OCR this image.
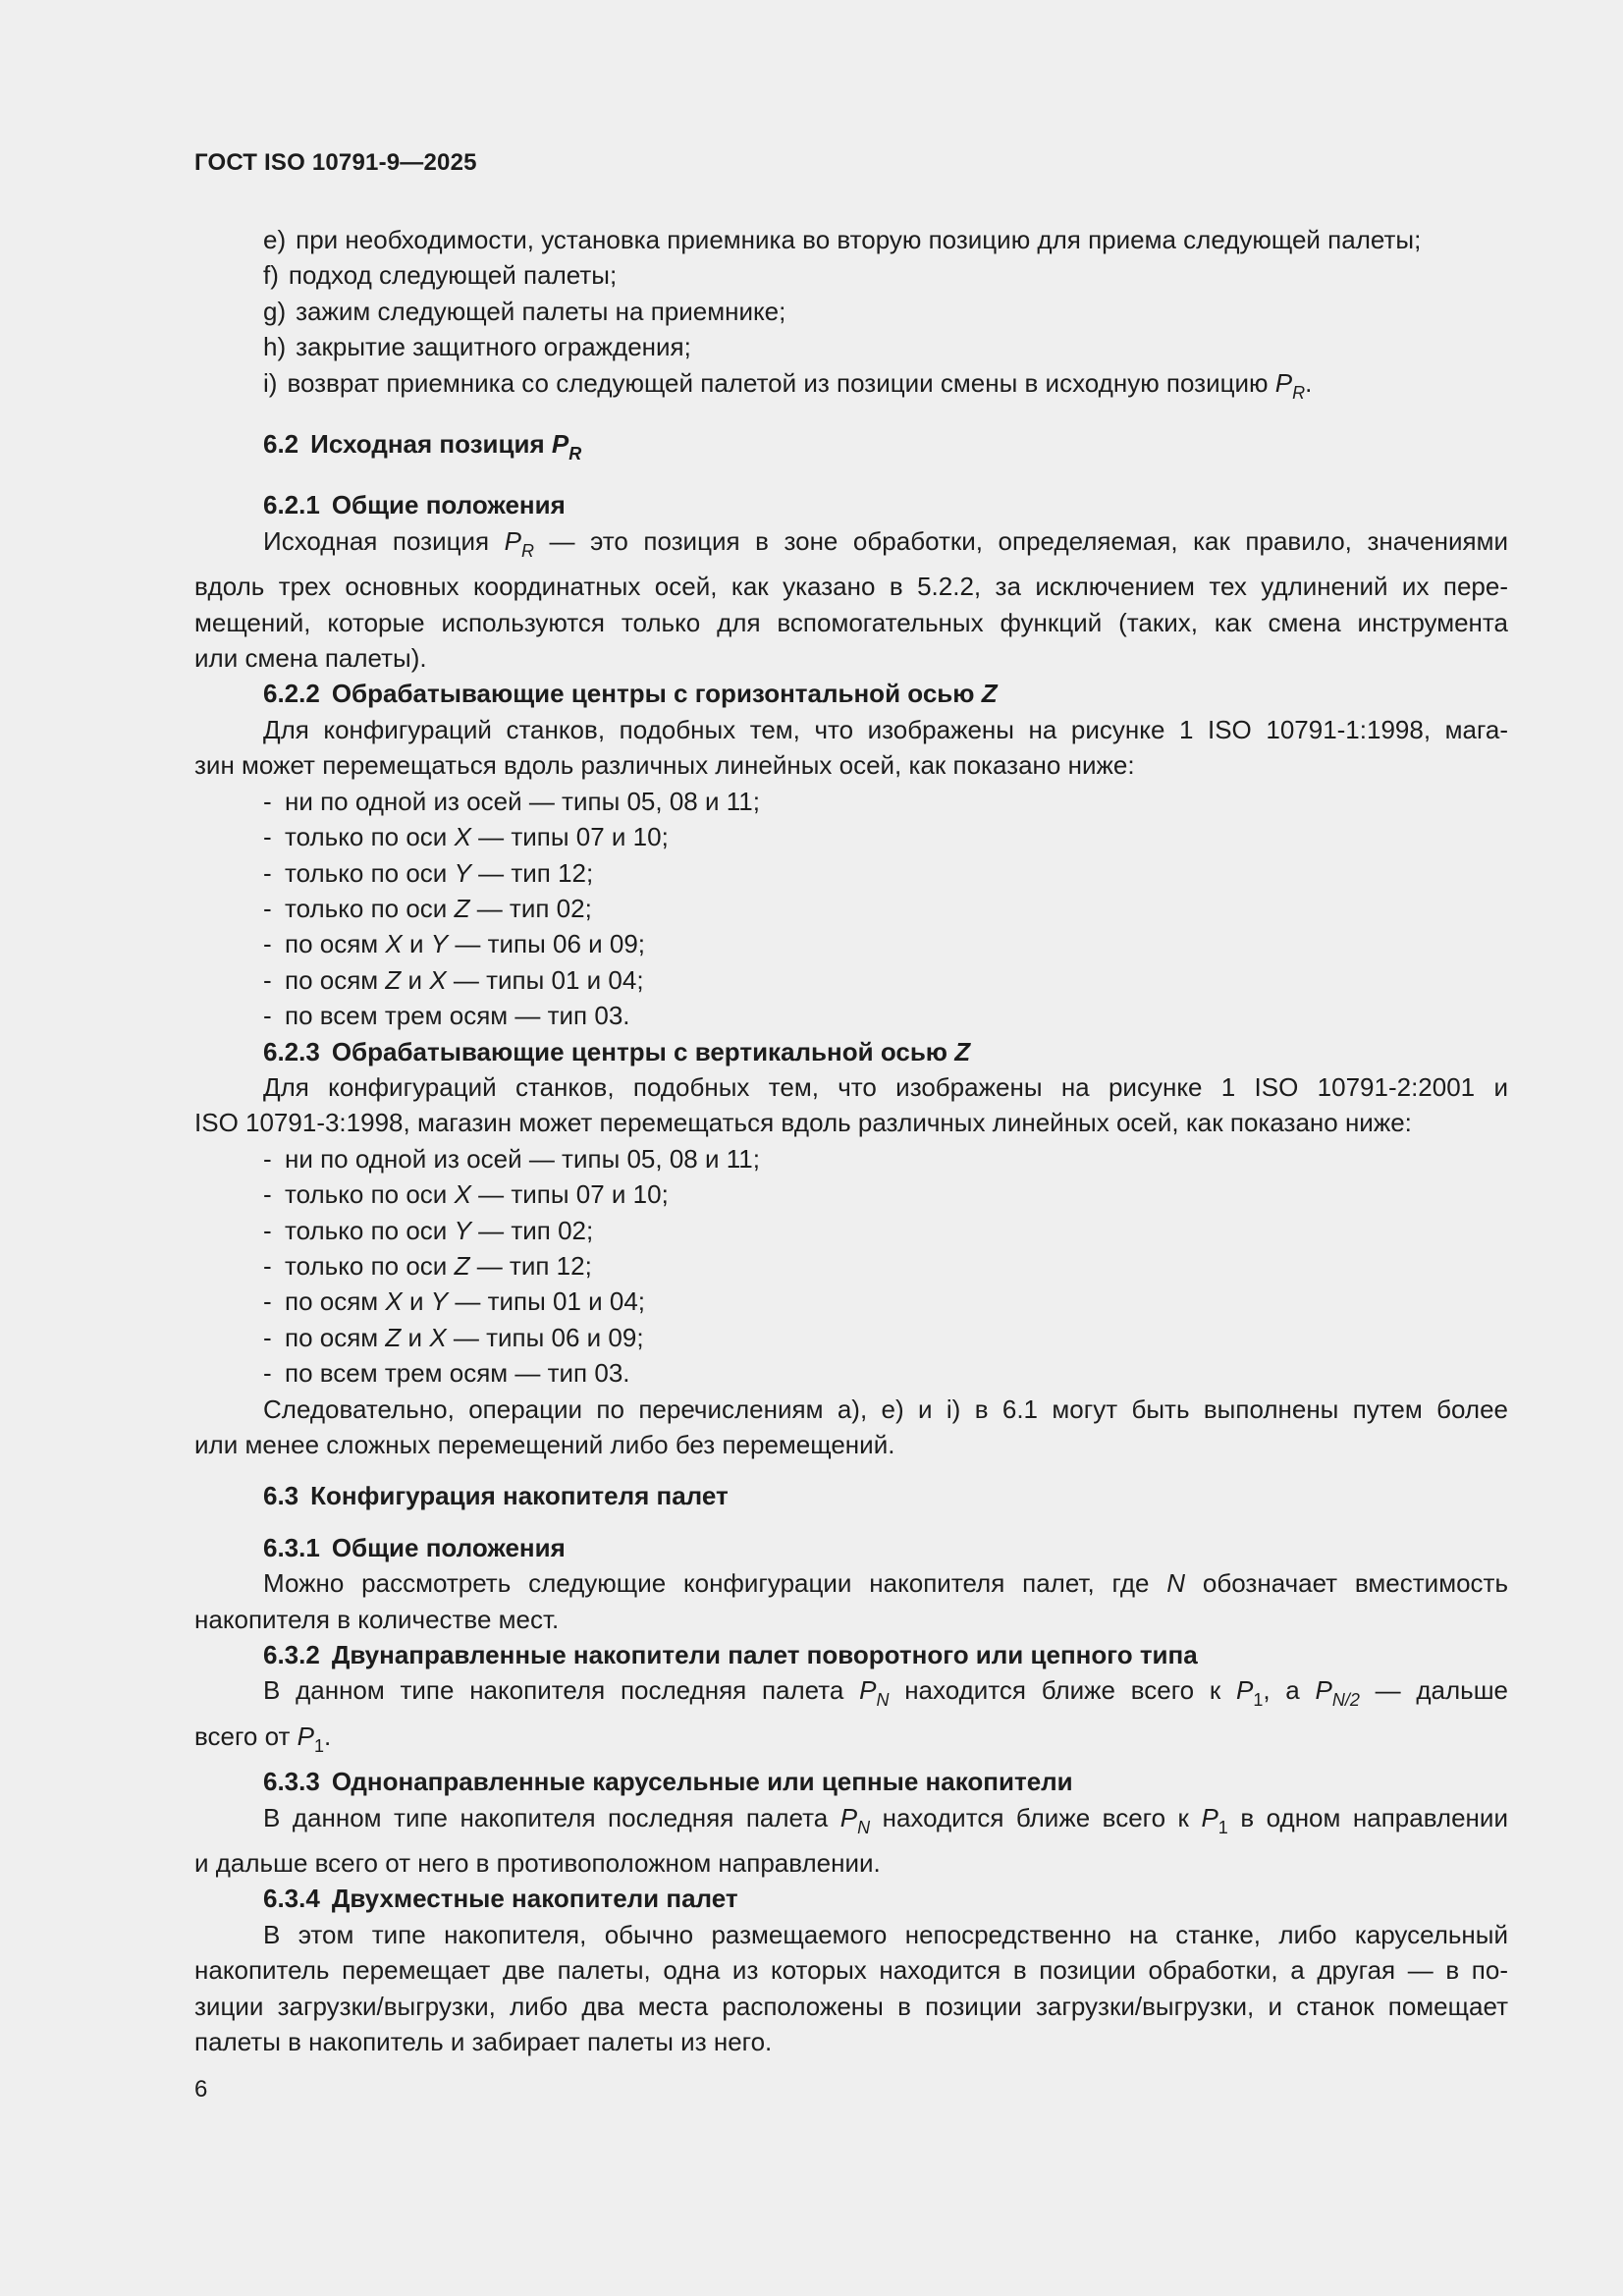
ГОСТ ISO 10791-9—2025
e) при необходимости, установка приемника во вторую позицию для приема следующей палеты;
f) подход следующей палеты;
g) зажим следующей палеты на приемнике;
h) закрытие защитного ограждения;
i) возврат приемника со следующей палетой из позиции смены в исходную позицию $P_R$.
6.2 Исходная позиция $P_R$
6.2.1 Общие положения
Исходная позиция $P_R$ — это позиция в зоне обработки, определяемая, как правило, значениями
вдоль трех основных координатных осей, как указано в 5.2.2, за исключением тех удлинений их пере-
мещений, которые используются только для вспомогательных функций (таких, как смена инструмента
или смена палеты).
6.2.2 Обрабатывающие центры с горизонтальной осью Z
Для конфигураций станков, подобных тем, что изображены на рисунке 1 ISO 10791-1:1998, мага-
зин может перемещаться вдоль различных линейных осей, как показано ниже:
- ни по одной из осей — типы 05, 08 и 11;
- только по оси X — типы 07 и 10;
- только по оси Y — тип 12;
- только по оси Z — тип 02;
- по осям X и Y — типы 06 и 09;
- по осям Z и X — типы 01 и 04;
- по всем трем осям — тип 03.
6.2.3 Обрабатывающие центры с вертикальной осью Z
Для конфигураций станков, подобных тем, что изображены на рисунке 1 ISO 10791-2:2001 и
ISO 10791-3:1998, магазин может перемещаться вдоль различных линейных осей, как показано ниже:
- ни по одной из осей — типы 05, 08 и 11;
- только по оси X — типы 07 и 10;
- только по оси Y — тип 02;
- только по оси Z — тип 12;
- по осям X и Y — типы 01 и 04;
- по осям Z и X — типы 06 и 09;
- по всем трем осям — тип 03.
Следовательно, операции по перечислениям а), е) и i) в 6.1 могут быть выполнены путем более
или менее сложных перемещений либо без перемещений.
6.3 Конфигурация накопителя палет
6.3.1 Общие положения
Можно рассмотреть следующие конфигурации накопителя палет, где N обозначает вместимость
накопителя в количестве мест.
6.3.2 Двунаправленные накопители палет поворотного или цепного типа
В данном типе накопителя последняя палета $P_N$ находится ближе всего к $P_1$, а $P_{N/2}$ — дальше
всего от $P_1$.
6.3.3 Однонаправленные карусельные или цепные накопители
В данном типе накопителя последняя палета $P_N$ находится ближе всего к $P_1$ в одном направлении
и дальше всего от него в противоположном направлении.
6.3.4 Двухместные накопители палет
В этом типе накопителя, обычно размещаемого непосредственно на станке, либо карусельный
накопитель перемещает две палеты, одна из которых находится в позиции обработки, а другая — в по-
зиции загрузки/выгрузки, либо два места расположены в позиции загрузки/выгрузки, и станок помещает
палеты в накопитель и забирает палеты из него.
6
